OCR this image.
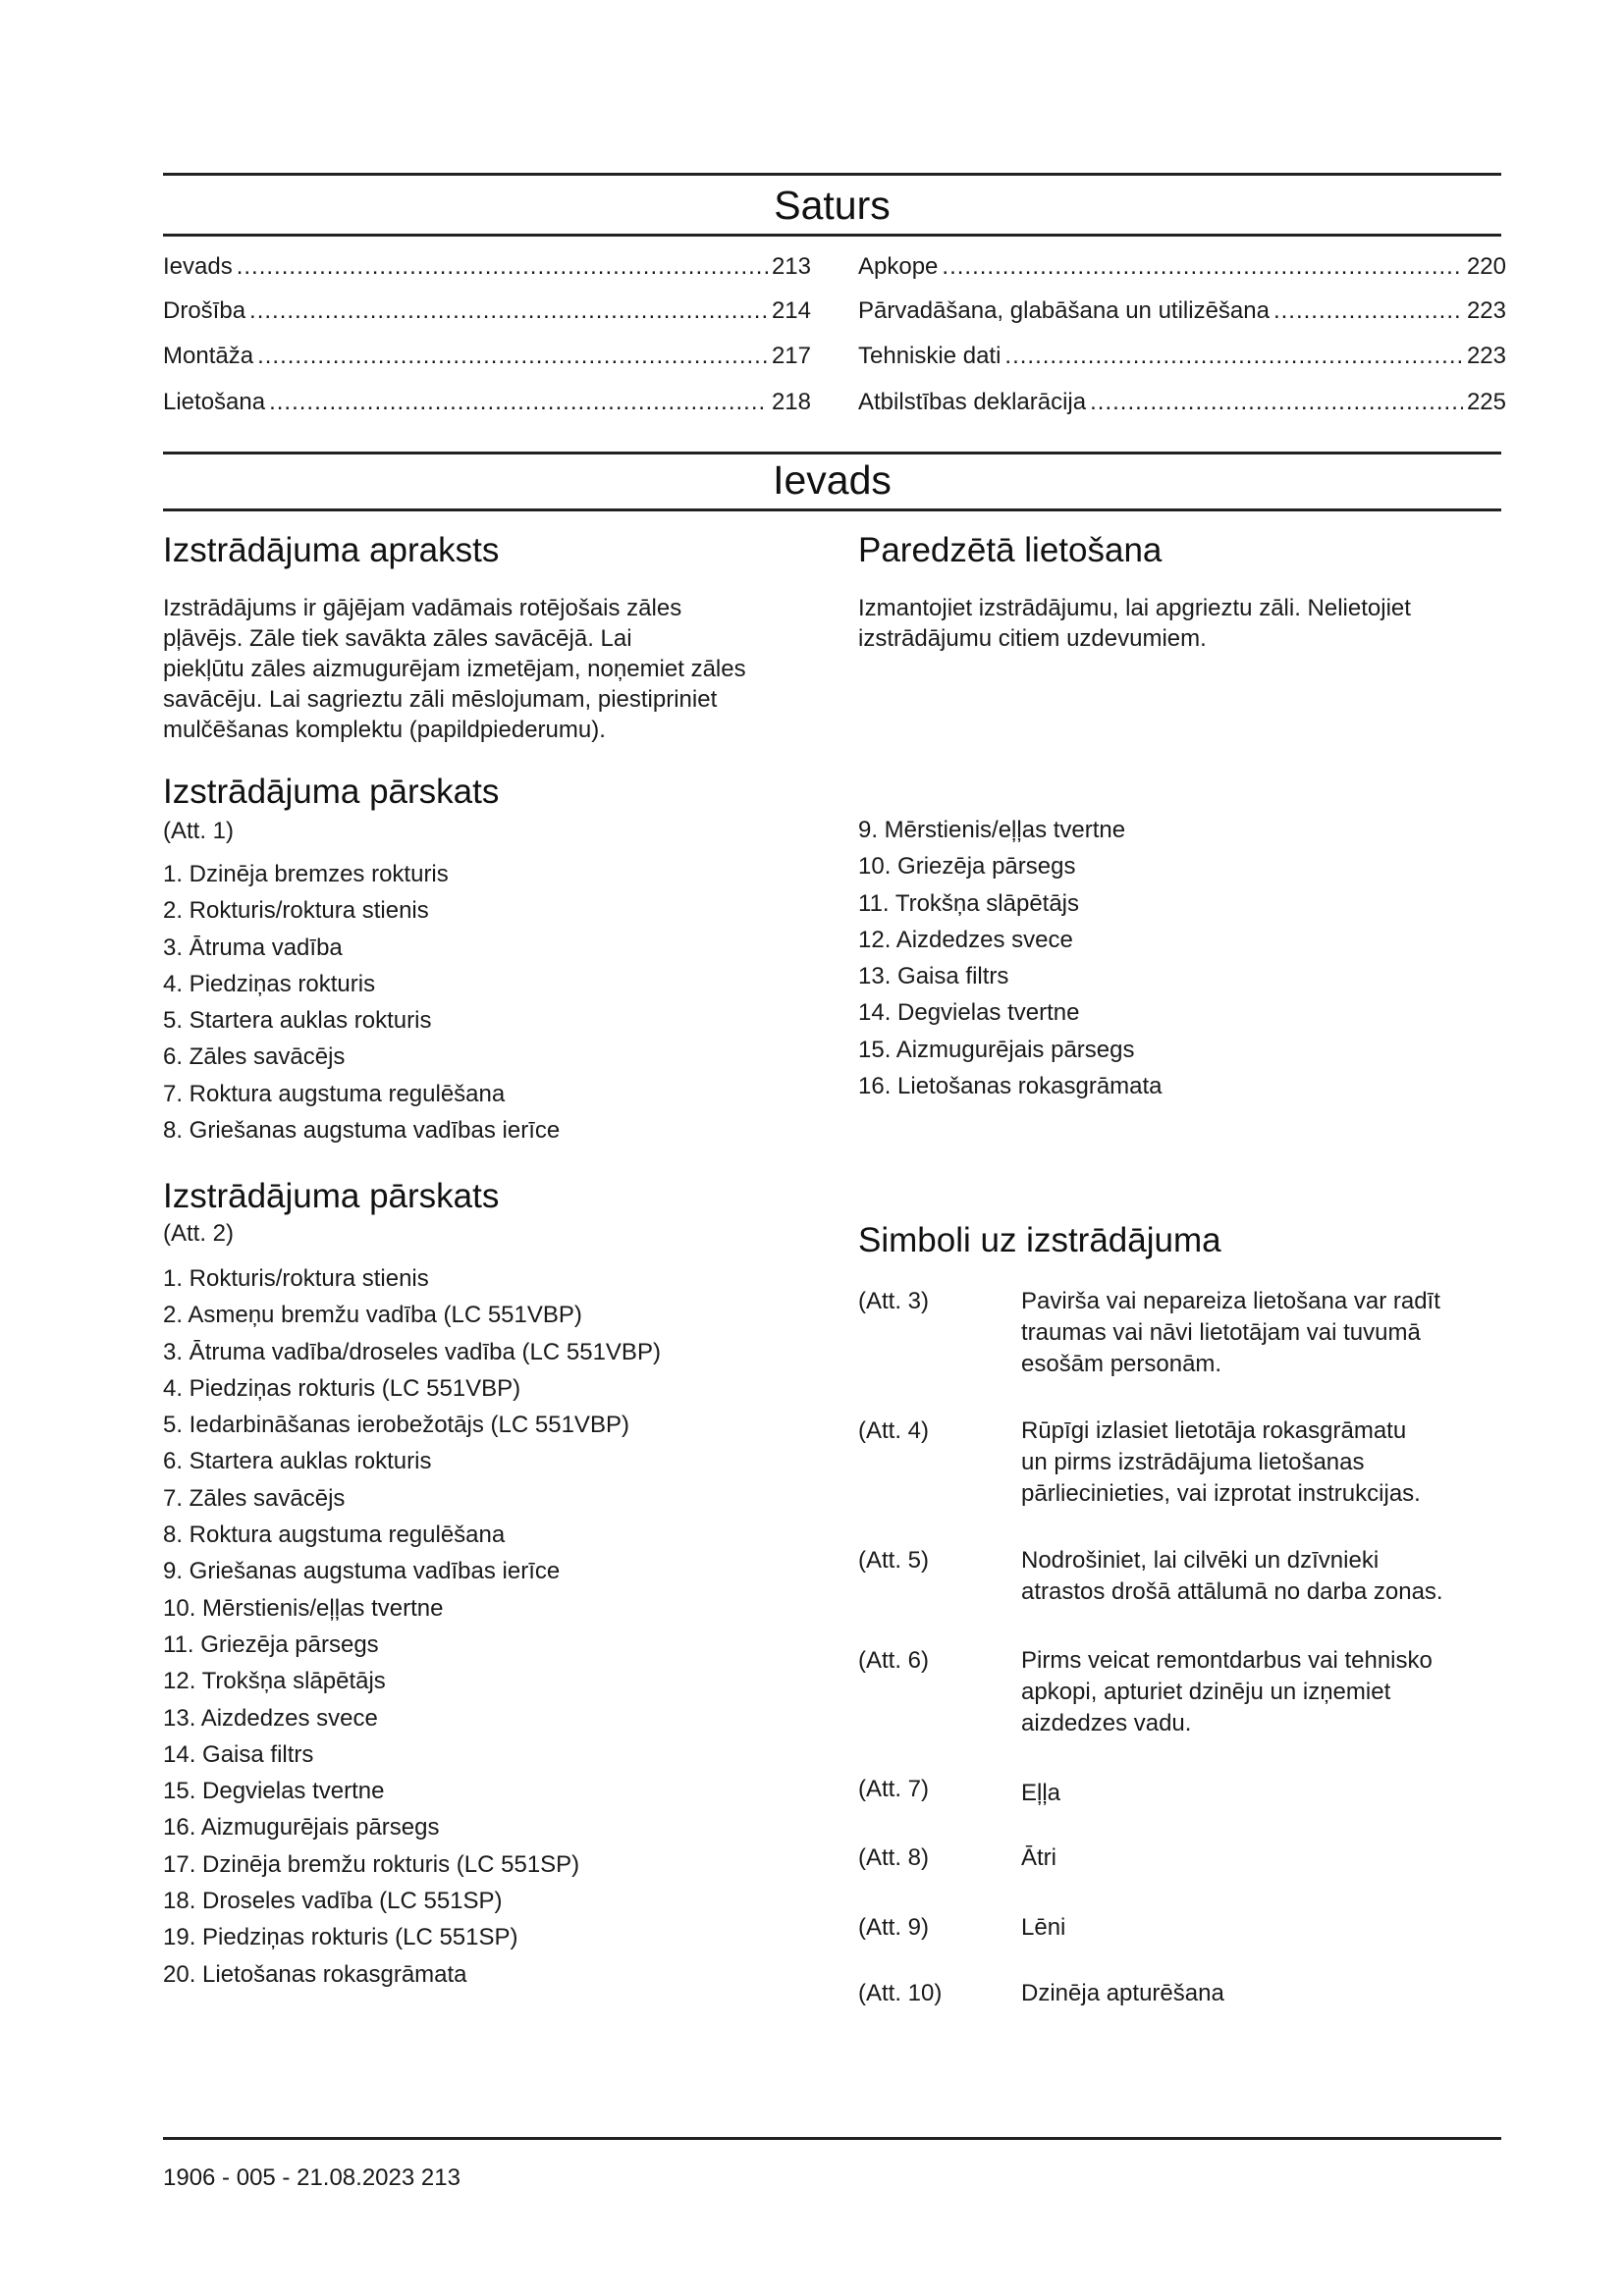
Saturs
Ievads .....	213
Drošība .....	214
Montāža .....	217
Lietošana .....	218
Apkope .....	220
Pārvadāšana, glabāšana un utilizēšana .....	223
Tehniskie dati .....	223
Atbilstības deklarācija .....	225
Ievads
Izstrādājuma apraksts

Izstrādājums ir gājējam vadāmais rotējošais zāles
pļāvējs. Zāle tiek savākta zāles savācējā. Lai
piekļūtu zāles aizmugurējam izmetējam, noņemiet zāles
savācēju. Lai sagrieztu zāli mēslojumam, piestipriniet
mulčēšanas komplektu (papildpiederumu).

Paredzētā lietošana

Izmantojiet izstrādājumu, lai apgrieztu zāli. Nelietojiet
izstrādājumu citiem uzdevumiem.

Izstrādājuma pārskats
(Att. 1)
1. Dzinēja bremzes rokturis
2. Rokturis/roktura stienis
3. Ātruma vadība
4. Piedziņas rokturis
5. Startera auklas rokturis
6. Zāles savācējs
7. Roktura augstuma regulēšana
8. Griešanas augstuma vadības ierīce
9. Mērstienis/eļļas tvertne
10. Griezēja pārsegs
11. Trokšņa slāpētājs
12. Aizdedzes svece
13. Gaisa filtrs
14. Degvielas tvertne
15. Aizmugurējais pārsegs
16. Lietošanas rokasgrāmata
Izstrādājuma pārskats
(Att. 2)
1. Rokturis/roktura stienis
2. Asmeņu bremžu vadība (LC 551VBP)
3. Ātruma vadība/droseles vadība (LC 551VBP)
4. Piedziņas rokturis (LC 551VBP)
5. Iedarbināšanas ierobežotājs (LC 551VBP)
6. Startera auklas rokturis
7. Zāles savācējs
8. Roktura augstuma regulēšana
9. Griešanas augstuma vadības ierīce
10. Mērstienis/eļļas tvertne
11. Griezēja pārsegs
12. Trokšņa slāpētājs
13. Aizdedzes svece
14. Gaisa filtrs
15. Degvielas tvertne
16. Aizmugurējais pārsegs
17. Dzinēja bremžu rokturis (LC 551SP)
18. Droseles vadība (LC 551SP)
19. Piedziņas rokturis (LC 551SP)
20. Lietošanas rokasgrāmata
Simboli uz izstrādājuma
(Att. 3)	Pavirša vai nepareiza lietošana var radīt
traumas vai nāvi lietotājam vai tuvumā
esošām personām.
(Att. 4)	Rūpīgi izlasiet lietotāja rokasgrāmatu
un pirms izstrādājuma lietošanas
pārliecinieties, vai izprotat instrukcijas.
(Att. 5)	Nodrošiniet, lai cilvēki un dzīvnieki
atrastos drošā attālumā no darba zonas.
(Att. 6)	Pirms veicat remontdarbus vai tehnisko
apkopi, apturiet dzinēju un izņemiet
aizdedzes vadu.
(Att. 7)	Eļļa
(Att. 8)	Ātri
(Att. 9)	Lēni
(Att. 10)	Dzinēja apturēšana
1906 - 005 - 21.08.2023 213
